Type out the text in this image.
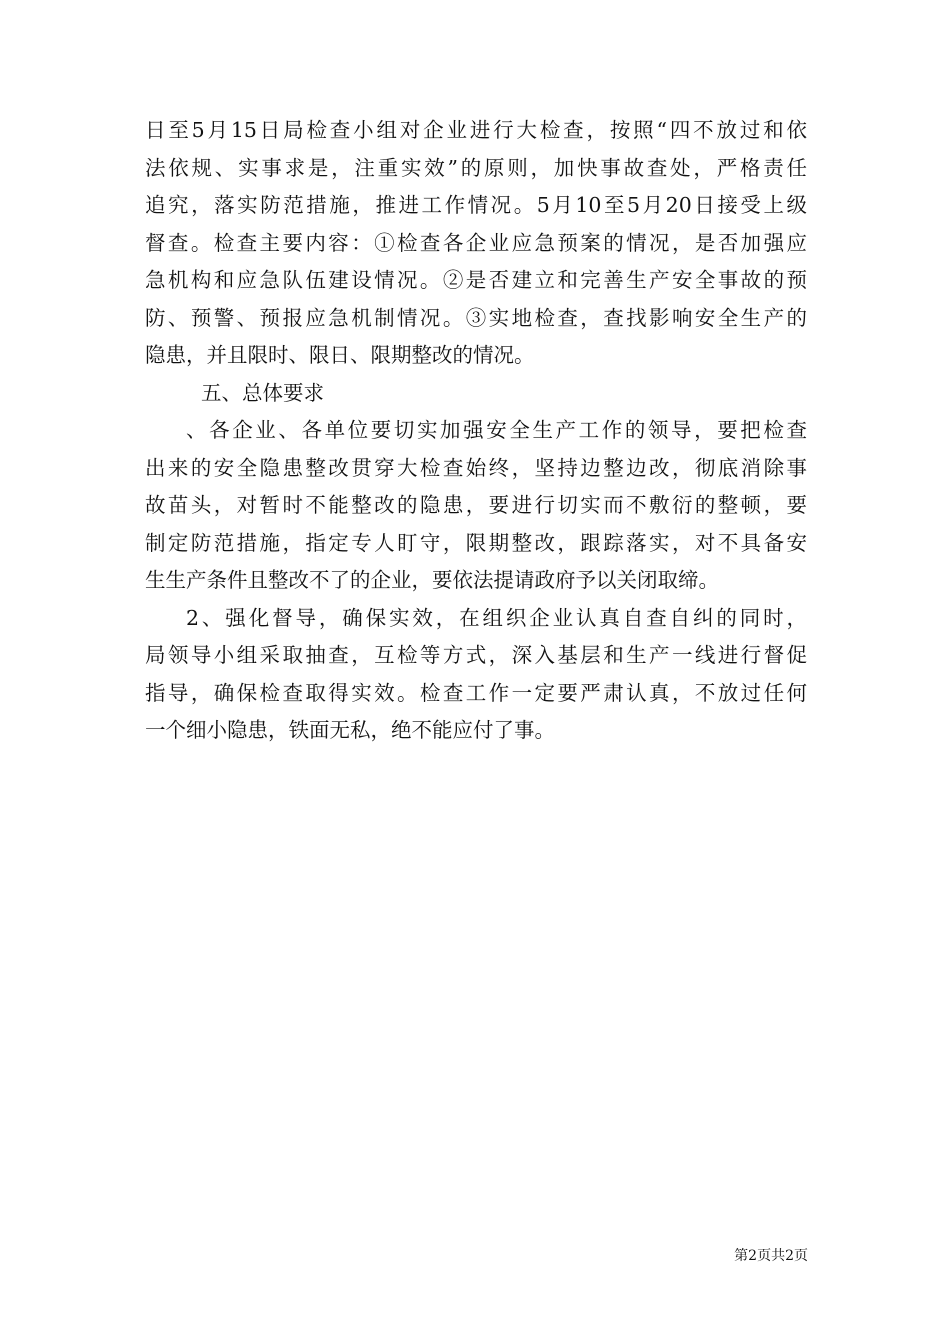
日至5月15日局检查小组对企业进行大检查，按照“四不放过和依
法依规、实事求是，注重实效”的原则，加快事故查处，严格责任
追究，落实防范措施，推进工作情况。5月10至5月20日接受上级
督查。检查主要内容：①检查各企业应急预案的情况，是否加强应
急机构和应急队伍建设情况。②是否建立和完善生产安全事故的预
防、预警、预报应急机制情况。③实地检查，查找影响安全生产的
隐患，并且限时、限日、限期整改的情况。
五、总体要求
、各企业、各单位要切实加强安全生产工作的领导，要把检查
出来的安全隐患整改贯穿大检查始终，坚持边整边改，彻底消除事
故苗头，对暂时不能整改的隐患，要进行切实而不敷衍的整顿，要
制定防范措施，指定专人盯守，限期整改，跟踪落实，对不具备安
生生产条件且整改不了的企业，要依法提请政府予以关闭取缔。
2、强化督导，确保实效，在组织企业认真自查自纠的同时，
局领导小组采取抽查，互检等方式，深入基层和生产一线进行督促
指导，确保检查取得实效。检查工作一定要严肃认真，不放过任何
一个细小隐患，铁面无私，绝不能应付了事。
第2页共2页
